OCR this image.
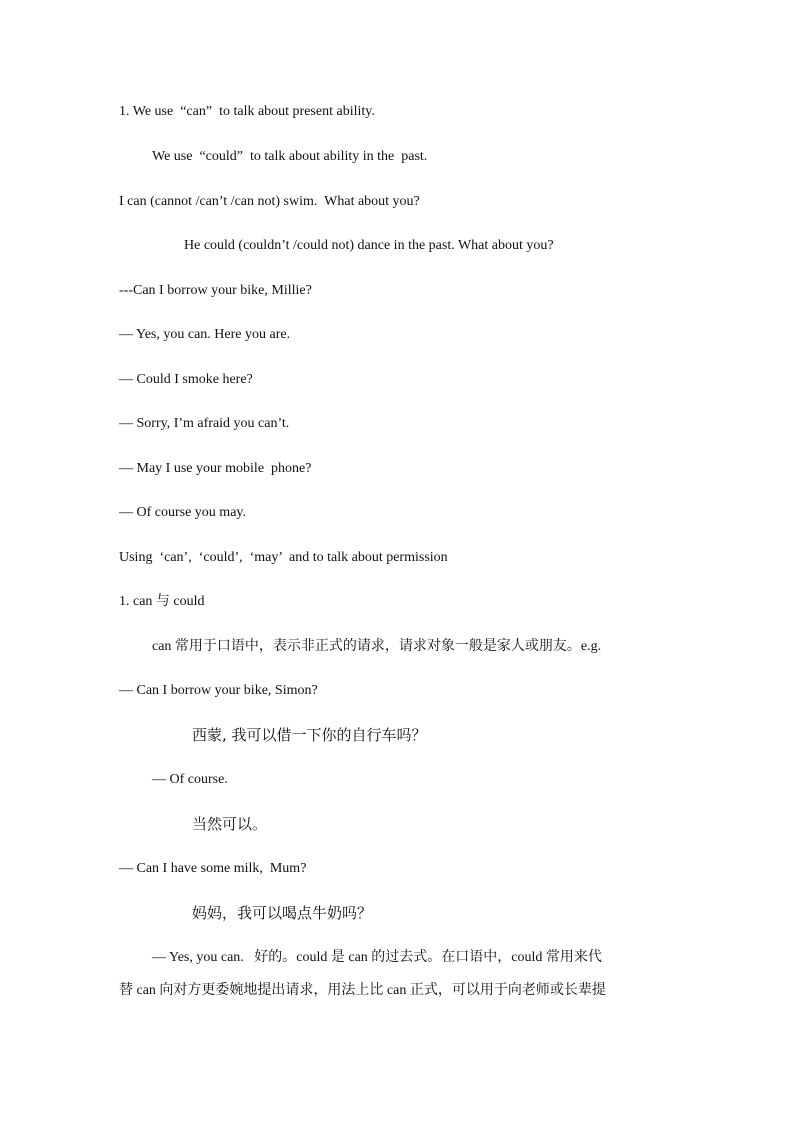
1. We use  “can”  to talk about present ability.
We use  “could”  to talk about ability in the  past.
I can (cannot /can’t /can not) swim.  What about you?
He could (couldn’t /could not) dance in the past. What about you?
---Can I borrow your bike, Millie?
— Yes, you can. Here you are.
— Could I smoke here?
— Sorry, I’m afraid you can’t.
— May I use your mobile  phone?
— Of course you may.
Using  ‘can’,  ‘could’,  ‘may’  and to talk about permission
1. can 与 could
can 常用于口语中，表示非正式的请求，请求对象一般是家人或朋友。e.g.
— Can I borrow your bike, Simon?
西蒙, 我可以借一下你的自行车吗？
— Of course.
当然可以。
— Can I have some milk,  Mum?
妈妈，我可以喝点牛奶吗？
— Yes, you can.   好的。could 是 can 的过去式。在口语中，could 常用来代
替 can 向对方更委婉地提出请求，用法上比 can 正式，可以用于向老师或长辈提
